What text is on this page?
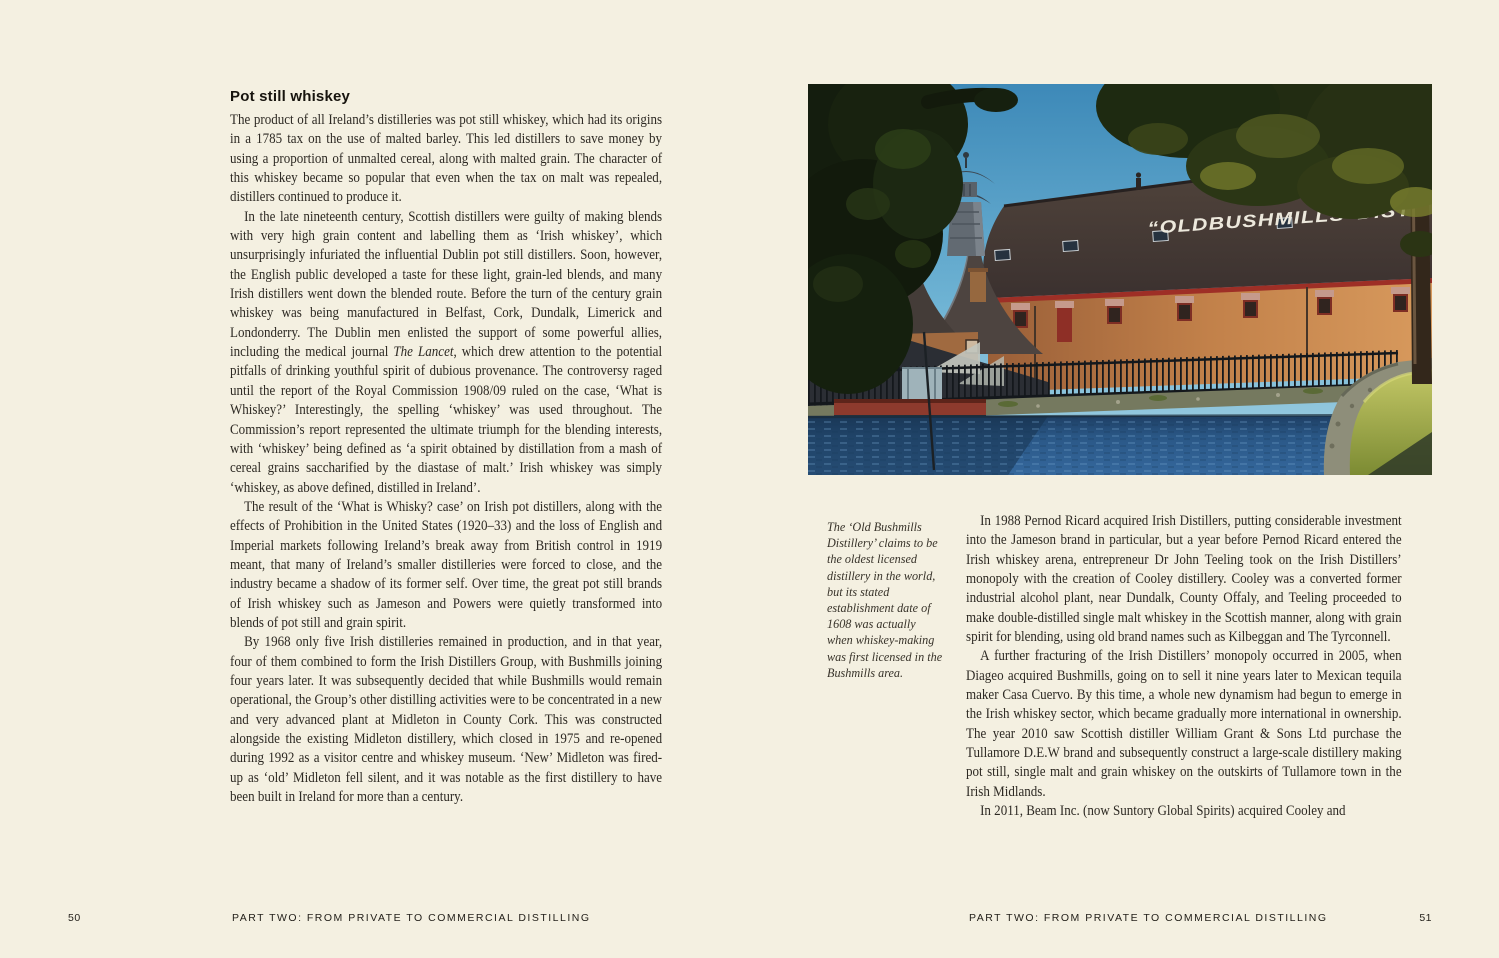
Pot still whiskey

The product of all Ireland’s distilleries was pot still whiskey, which had its origins in a 1785 tax on the use of malted barley. This led distillers to save money by using a proportion of unmalted cereal, along with malted grain. The character of this whiskey became so popular that even when the tax on malt was repealed, distillers continued to produce it.

In the late nineteenth century, Scottish distillers were guilty of making blends with very high grain content and labelling them as ‘Irish whiskey’, which unsurprisingly infuriated the influential Dublin pot still distillers. Soon, however, the English public developed a taste for these light, grain-led blends, and many Irish distillers went down the blended route. Before the turn of the century grain whiskey was being manufactured in Belfast, Cork, Dundalk, Limerick and Londonderry. The Dublin men enlisted the support of some powerful allies, including the medical journal The Lancet, which drew attention to the potential pitfalls of drinking youthful spirit of dubious provenance. The controversy raged until the report of the Royal Commission 1908/09 ruled on the case, ‘What is Whiskey?’ Interestingly, the spelling ‘whiskey’ was used throughout. The Commission’s report represented the ultimate triumph for the blending interests, with ‘whiskey’ being defined as ‘a spirit obtained by distillation from a mash of cereal grains saccharified by the diastase of malt.’ Irish whiskey was simply ‘whiskey, as above defined, distilled in Ireland’.

The result of the ‘What is Whisky? case’ on Irish pot distillers, along with the effects of Prohibition in the United States (1920–33) and the loss of English and Imperial markets following Ireland’s break away from British control in 1919 meant, that many of Ireland’s smaller distilleries were forced to close, and the industry became a shadow of its former self. Over time, the great pot still brands of Irish whiskey such as Jameson and Powers were quietly transformed into blends of pot still and grain spirit.

By 1968 only five Irish distilleries remained in production, and in that year, four of them combined to form the Irish Distillers Group, with Bushmills joining four years later. It was subsequently decided that while Bushmills would remain operational, the Group’s other distilling activities were to be concentrated in a new and very advanced plant at Midleton in County Cork. This was constructed alongside the existing Midleton distillery, which closed in 1975 and re-opened during 1992 as a visitor centre and whiskey museum. ‘New’ Midleton was fired-up as ‘old’ Midleton fell silent, and it was notable as the first distillery to have been built in Ireland for more than a century.

50	PART TWO: FROM PRIVATE TO COMMERCIAL DISTILLING
“OLDBUSHMILLS”DIST
The ‘Old Bushmills Distillery’ claims to be the oldest licensed distillery in the world, but its stated establishment date of 1608 was actually when whiskey-making was first licensed in the Bushmills area.

In 1988 Pernod Ricard acquired Irish Distillers, putting considerable investment into the Jameson brand in particular, but a year before Pernod Ricard entered the Irish whiskey arena, entrepreneur Dr John Teeling took on the Irish Distillers’ monopoly with the creation of Cooley distillery. Cooley was a converted former industrial alcohol plant, near Dundalk, County Offaly, and Teeling proceeded to make double-distilled single malt whiskey in the Scottish manner, along with grain spirit for blending, using old brand names such as Kilbeggan and The Tyrconnell.

A further fracturing of the Irish Distillers’ monopoly occurred in 2005, when Diageo acquired Bushmills, going on to sell it nine years later to Mexican tequila maker Casa Cuervo. By this time, a whole new dynamism had begun to emerge in the Irish whiskey sector, which became gradually more international in ownership. The year 2010 saw Scottish distiller William Grant & Sons Ltd purchase the Tullamore D.E.W brand and subsequently construct a large-scale distillery making pot still, single malt and grain whiskey on the outskirts of Tullamore town in the Irish Midlands.

In 2011, Beam Inc. (now Suntory Global Spirits) acquired Cooley and

PART TWO: FROM PRIVATE TO COMMERCIAL DISTILLING	51
